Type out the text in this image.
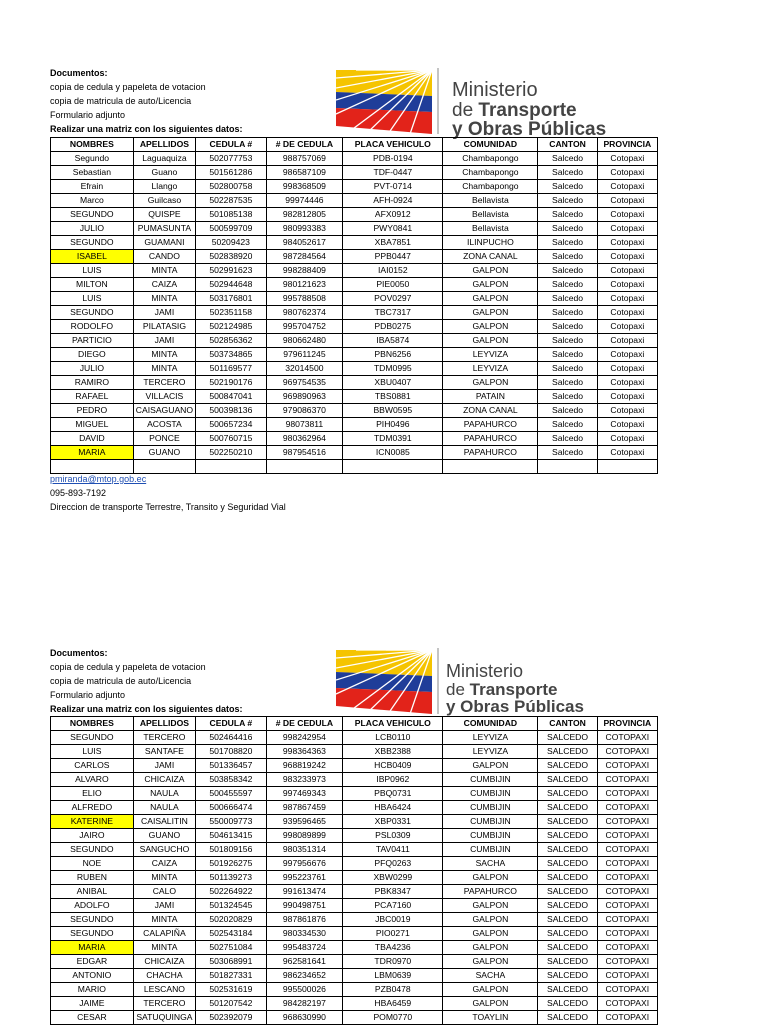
Documentos:
copia de cedula y papeleta de votacion
copia de matricula de auto/Licencia
Formulario adjunto
Realizar una matriz con los siguientes datos:
Ministerio
de Transporte
y Obras Públicas
NOMBRES	APELLIDOS	CEDULA #	# DE CEDULA	PLACA VEHICULO	COMUNIDAD	CANTON	PROVINCIA
Segundo	Laguaquiza	502077753	988757069	PDB-0194	Chambapongo	Salcedo	Cotopaxi
Sebastian	Guano	501561286	986587109	TDF-0447	Chambapongo	Salcedo	Cotopaxi
Efrain	Llango	502800758	998368509	PVT-0714	Chambapongo	Salcedo	Cotopaxi
Marco	Guilcaso	502287535	99974446	AFH-0924	Bellavista	Salcedo	Cotopaxi
SEGUNDO	QUISPE	501085138	982812805	AFX0912	Bellavista	Salcedo	Cotopaxi
JULIO	PUMASUNTA	500599709	980993383	PWY0841	Bellavista	Salcedo	Cotopaxi
SEGUNDO	GUAMANI	50209423	984052617	XBA7851	ILINPUCHO	Salcedo	Cotopaxi
ISABEL	CANDO	502838920	987284564	PPB0447	ZONA CANAL	Salcedo	Cotopaxi
LUIS	MINTA	502991623	998288409	IAI0152	GALPON	Salcedo	Cotopaxi
MILTON	CAIZA	502944648	980121623	PIE0050	GALPON	Salcedo	Cotopaxi
LUIS	MINTA	503176801	995788508	POV0297	GALPON	Salcedo	Cotopaxi
SEGUNDO	JAMI	502351158	980762374	TBC7317	GALPON	Salcedo	Cotopaxi
RODOLFO	PILATASIG	502124985	995704752	PDB0275	GALPON	Salcedo	Cotopaxi
PARTICIO	JAMI	502856362	980662480	IBA5874	GALPON	Salcedo	Cotopaxi
DIEGO	MINTA	503734865	979611245	PBN6256	LEYVIZA	Salcedo	Cotopaxi
JULIO	MINTA	501169577	32014500	TDM0995	LEYVIZA	Salcedo	Cotopaxi
RAMIRO	TERCERO	502190176	969754535	XBU0407	GALPON	Salcedo	Cotopaxi
RAFAEL	VILLACIS	500847041	969890963	TBS0881	PATAIN	Salcedo	Cotopaxi
PEDRO	CAISAGUANO	500398136	979086370	BBW0595	ZONA CANAL	Salcedo	Cotopaxi
MIGUEL	ACOSTA	500657234	98073811	PIH0496	PAPAHURCO	Salcedo	Cotopaxi
DAVID	PONCE	500760715	980362964	TDM0391	PAPAHURCO	Salcedo	Cotopaxi
MARIA	GUANO	502250210	987954516	ICN0085	PAPAHURCO	Salcedo	Cotopaxi

pmiranda@mtop.gob.ec
095-893-7192
Direccion de transporte Terrestre, Transito y Seguridad Vial
Documentos:
copia de cedula y papeleta de votacion
copia de matricula de auto/Licencia
Formulario adjunto
Realizar una matriz con los siguientes datos:
Ministerio
de Transporte
y Obras Públicas
NOMBRES	APELLIDOS	CEDULA #	# DE CEDULA	PLACA VEHICULO	COMUNIDAD	CANTON	PROVINCIA
SEGUNDO	TERCERO	502464416	998242954	LCB0110	LEYVIZA	SALCEDO	COTOPAXI
LUIS	SANTAFE	501708820	998364363	XBB2388	LEYVIZA	SALCEDO	COTOPAXI
CARLOS	JAMI	501336457	968819242	HCB0409	GALPON	SALCEDO	COTOPAXI
ALVARO	CHICAIZA	503858342	983233973	IBP0962	CUMBIJIN	SALCEDO	COTOPAXI
ELIO	NAULA	500455597	997469343	PBQ0731	CUMBIJIN	SALCEDO	COTOPAXI
ALFREDO	NAULA	500666474	987867459	HBA6424	CUMBIJIN	SALCEDO	COTOPAXI
KATERINE	CAISALITIN	550009773	939596465	XBP0331	CUMBIJIN	SALCEDO	COTOPAXI
JAIRO	GUANO	504613415	998089899	PSL0309	CUMBIJIN	SALCEDO	COTOPAXI
SEGUNDO	SANGUCHO	501809156	980351314	TAV0411	CUMBIJIN	SALCEDO	COTOPAXI
NOE	CAIZA	501926275	997956676	PFQ0263	SACHA	SALCEDO	COTOPAXI
RUBEN	MINTA	501139273	995223761	XBW0299	GALPON	SALCEDO	COTOPAXI
ANIBAL	CALO	502264922	991613474	PBK8347	PAPAHURCO	SALCEDO	COTOPAXI
ADOLFO	JAMI	501324545	990498751	PCA7160	GALPON	SALCEDO	COTOPAXI
SEGUNDO	MINTA	502020829	987861876	JBC0019	GALPON	SALCEDO	COTOPAXI
SEGUNDO	CALAPIÑA	502543184	980334530	PIO0271	GALPON	SALCEDO	COTOPAXI
MARIA	MINTA	502751084	995483724	TBA4236	GALPON	SALCEDO	COTOPAXI
EDGAR	CHICAIZA	503068991	962581641	TDR0970	GALPON	SALCEDO	COTOPAXI
ANTONIO	CHACHA	501827331	986234652	LBM0639	SACHA	SALCEDO	COTOPAXI
MARIO	LESCANO	502531619	995500026	PZB0478	GALPON	SALCEDO	COTOPAXI
JAIME	TERCERO	501207542	984282197	HBA6459	GALPON	SALCEDO	COTOPAXI
CESAR	SATUQUINGA	502392079	968630990	POM0770	TOAYLIN	SALCEDO	COTOPAXI
